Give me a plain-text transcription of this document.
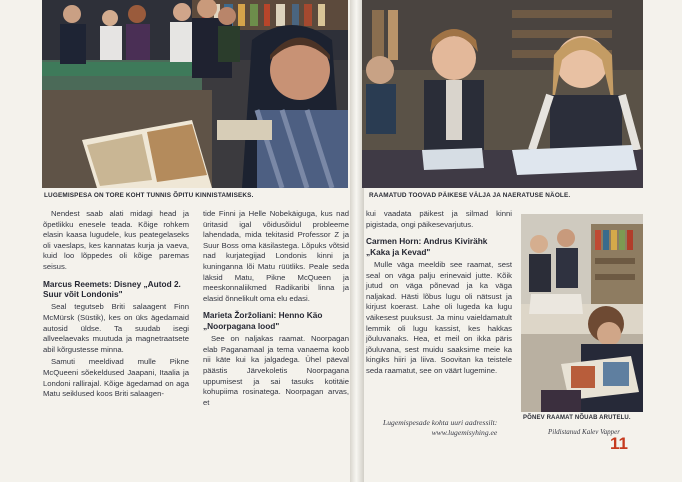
LUGEMISPESA ON TORE KOHT TUNNIS ÕPITU KINNISTAMISEKS.	RAAMATUD TOOVAD PÄIKESE VÄLJA JA NAERATUSE NÄOLE.
PÕNEV RAAMAT NÕUAB ARUTELU.

Nendest saab alati midagi head ja õpetlikku enesele teada. Kõige rohkem elasin kaasa lugudele, kus peategelaseks oli vaeslaps, kes kannatas kurja ja vaeva, kuid loo lõppedes oli kõige paremas seisus.

Marcus Reemets: Disney „Autod 2. Suur võit Londonis"

Seal tegutseb Briti salaagent Finn McMürsk (Süstik), kes on üks ägedamaid autosid üldse. Ta suudab isegi allveelaevaks muutuda ja magnetraatsete abil kõrgustesse minna.

Samuti meeldivad mulle Pikne McQueeni sõekeldused Jaapani, Itaalia ja Londoni rallirajal. Kõige ägedamad on aga Matu seiklused koos Briti salaagen-

tide Finni ja Helle Nobekäiguga, kus nad üritasid igal võidusõidul probleeme lahendada, mida tekitasid Professor Z ja Suur Boss oma käsilastega. Lõpuks võtsid nad kurjategijad Londonis kinni ja kuninganna lõi Matu rüütliks. Peale seda läksid Matu, Pikne McQueen ja meeskonnaliikmed Radikaribi linna ja elasid õnnelikult oma elu edasi.

Marieta Žoržoliani: Henno Käo „Noorpagana lood"

See on naljakas raamat. Noorpagan elab Paganamaal ja tema vanaema koob nii käte kui ka jalgadega. Ühel päeval päästis Järvekoletis Noorpagana uppumisest ja sai tasuks kotitäie kohupiima rosinatega. Noorpagan arvas, et

kui vaadata päikest ja silmad kinni pigistada, ongi päikesevarjutus.

Carmen Horn: Andrus Kivirähk „Kaka ja Kevad"

Mulle väga meeldib see raamat, sest seal on väga palju erinevaid jutte. Kõik jutud on väga põnevad ja ka väga naljakad. Hästi lõbus lugu oli nätsust ja kirjust koerast. Lahe oli lugeda ka lugu väikesest puuksust. Ja minu vaieldamatult lemmik oli lugu kassist, kes hakkas jõuluvanaks. Hea, et meil on ikka päris jõuluvana, sest muidu saaksime meie ka kingiks hiiri ja liiva. Soovitan ka teistele seda raamatut, see on väärt lugemine.

Lugemispesade kohta uuri aadressilt:
www.lugemisyhing.ee	Pildistanud Kalev Vapper
11
